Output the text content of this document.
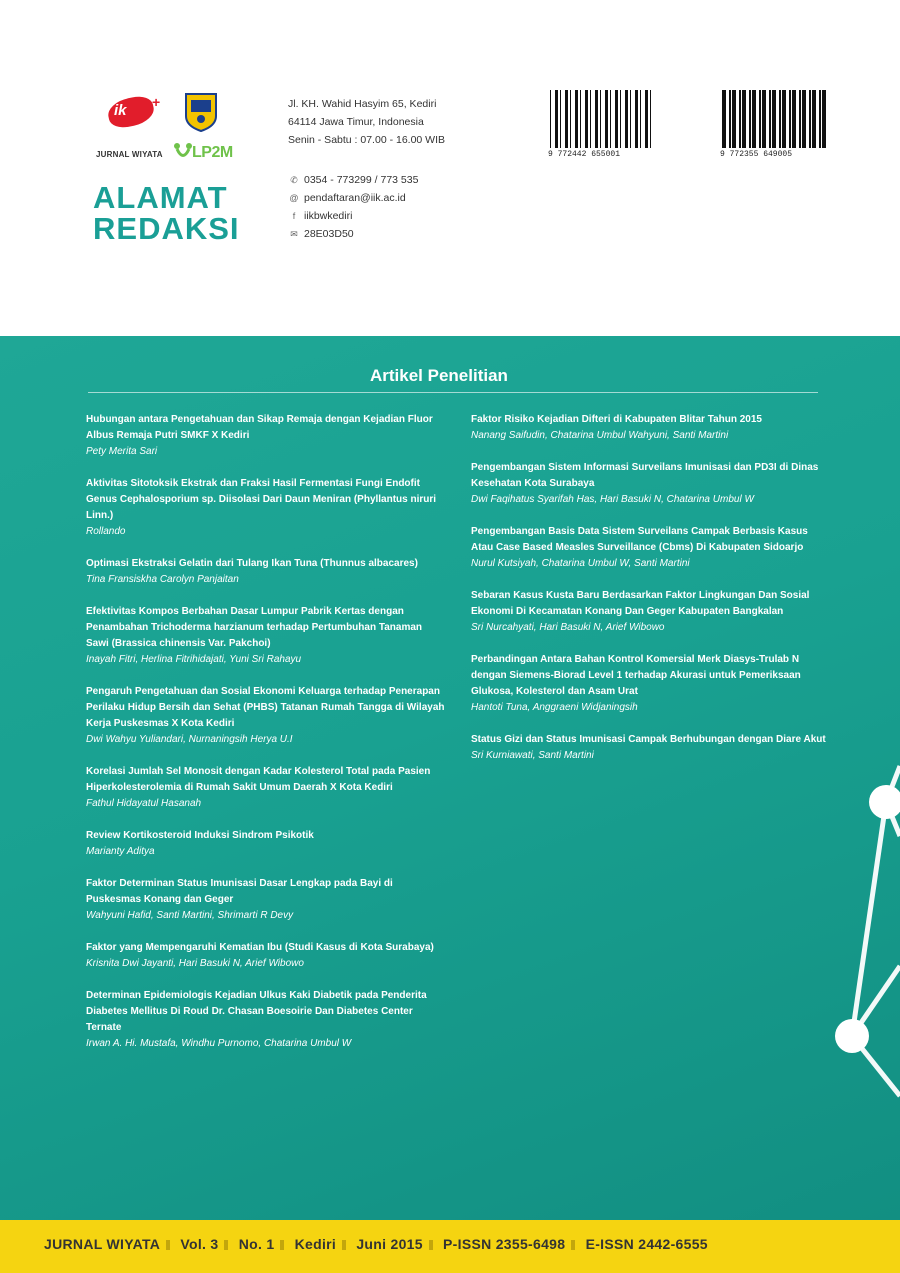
ik +
JURNAL WIYATA LP2M
ALAMAT
REDAKSI
Jl. KH. Wahid Hasyim 65, Kediri
64114 Jawa Timur, Indonesia
Senin - Sabtu : 07.00 - 16.00 WIB
✆ 0354 - 773299 / 773 535
@ pendaftaran@iik.ac.id
f iikbwkediri
✉ 28E03D50
9 772442 655001	9 772355 649005
Artikel Penelitian
Hubungan antara Pengetahuan dan Sikap Remaja dengan Kejadian Fluor Albus Remaja Putri SMKF X Kediri
Pety Merita Sari
Aktivitas Sitotoksik Ekstrak dan Fraksi Hasil Fermentasi Fungi Endofit Genus Cephalosporium sp. Diisolasi Dari Daun Meniran (Phyllantus niruri Linn.)
Rollando
Optimasi Ekstraksi Gelatin dari Tulang Ikan Tuna (Thunnus albacares)
Tina Fransiskha Carolyn Panjaitan
Efektivitas Kompos Berbahan Dasar Lumpur Pabrik Kertas dengan Penambahan Trichoderma harzianum terhadap Pertumbuhan Tanaman Sawi (Brassica chinensis Var. Pakchoi)
Inayah Fitri, Herlina Fitrihidajati, Yuni Sri Rahayu
Pengaruh Pengetahuan dan Sosial Ekonomi Keluarga terhadap Penerapan Perilaku Hidup Bersih dan Sehat (PHBS) Tatanan Rumah Tangga di Wilayah Kerja Puskesmas X Kota Kediri
Dwi Wahyu Yuliandari, Nurnaningsih Herya U.I
Korelasi Jumlah Sel Monosit dengan Kadar Kolesterol Total pada Pasien Hiperkolesterolemia di Rumah Sakit Umum Daerah X Kota Kediri
Fathul Hidayatul Hasanah
Review Kortikosteroid Induksi Sindrom Psikotik
Marianty Aditya
Faktor Determinan Status Imunisasi Dasar Lengkap pada Bayi di Puskesmas Konang dan Geger
Wahyuni Hafid, Santi Martini, Shrimarti R Devy
Faktor yang Mempengaruhi Kematian Ibu (Studi Kasus di Kota Surabaya)
Krisnita Dwi Jayanti, Hari Basuki N, Arief Wibowo
Determinan Epidemiologis Kejadian Ulkus Kaki Diabetik pada Penderita Diabetes Mellitus Di Roud Dr. Chasan Boesoirie Dan Diabetes Center Ternate
Irwan A. Hi. Mustafa, Windhu Purnomo, Chatarina Umbul W
Faktor Risiko Kejadian Difteri di Kabupaten Blitar Tahun 2015
Nanang Saifudin, Chatarina Umbul Wahyuni, Santi Martini
Pengembangan Sistem Informasi Surveilans Imunisasi dan PD3I di Dinas Kesehatan Kota Surabaya
Dwi Faqihatus Syarifah Has, Hari Basuki N, Chatarina Umbul W
Pengembangan Basis Data Sistem Surveilans Campak Berbasis Kasus Atau Case Based Measles Surveillance (Cbms) Di Kabupaten Sidoarjo
Nurul Kutsiyah, Chatarina Umbul W, Santi Martini
Sebaran Kasus Kusta Baru Berdasarkan Faktor Lingkungan Dan Sosial Ekonomi Di Kecamatan Konang Dan Geger Kabupaten Bangkalan
Sri Nurcahyati, Hari Basuki N, Arief Wibowo
Perbandingan Antara Bahan Kontrol Komersial Merk Diasys-Trulab N dengan Siemens-Biorad Level 1 terhadap Akurasi untuk Pemeriksaan Glukosa, Kolesterol dan Asam Urat
Hantoti Tuna, Anggraeni Widjaningsih
Status Gizi dan Status Imunisasi Campak Berhubungan dengan Diare Akut
Sri Kurniawati, Santi Martini
JURNAL WIYATA Vol. 3 No. 1 Kediri Juni 2015 P-ISSN 2355-6498 E-ISSN 2442-6555
